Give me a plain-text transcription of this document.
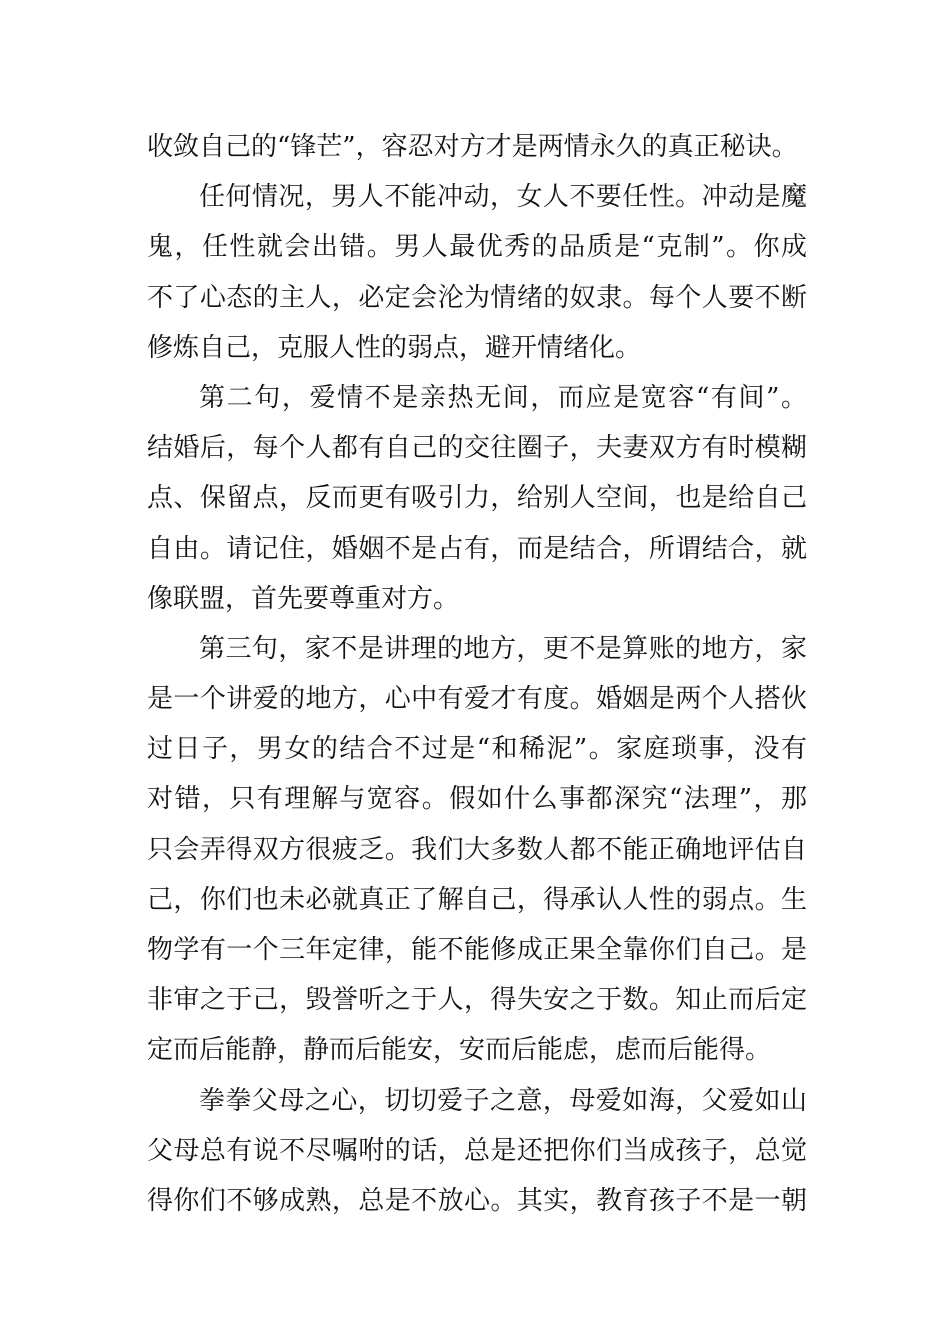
收敛自己的“锋芒”，容忍对方才是两情永久的真正秘诀。
任何情况，男人不能冲动，女人不要任性。冲动是魔
鬼，任性就会出错。男人最优秀的品质是“克制”。你成
不了心态的主人，必定会沦为情绪的奴隶。每个人要不断
修炼自己，克服人性的弱点，避开情绪化。
第二句，爱情不是亲热无间，而应是宽容“有间”。
结婚后，每个人都有自己的交往圈子，夫妻双方有时模糊
点、保留点，反而更有吸引力，给别人空间，也是给自己
自由。请记住，婚姻不是占有，而是结合，所谓结合，就
像联盟，首先要尊重对方。
第三句，家不是讲理的地方，更不是算账的地方，家
是一个讲爱的地方，心中有爱才有度。婚姻是两个人搭伙
过日子，男女的结合不过是“和稀泥”。家庭琐事，没有
对错，只有理解与宽容。假如什么事都深究“法理”，那
只会弄得双方很疲乏。我们大多数人都不能正确地评估自
己，你们也未必就真正了解自己，得承认人性的弱点。生
物学有一个三年定律，能不能修成正果全靠你们自己。是
非审之于己，毁誉听之于人，得失安之于数。知止而后定
定而后能静，静而后能安，安而后能虑，虑而后能得。
拳拳父母之心，切切爱子之意，母爱如海，父爱如山
父母总有说不尽嘱咐的话，总是还把你们当成孩子，总觉
得你们不够成熟，总是不放心。其实，教育孩子不是一朝
